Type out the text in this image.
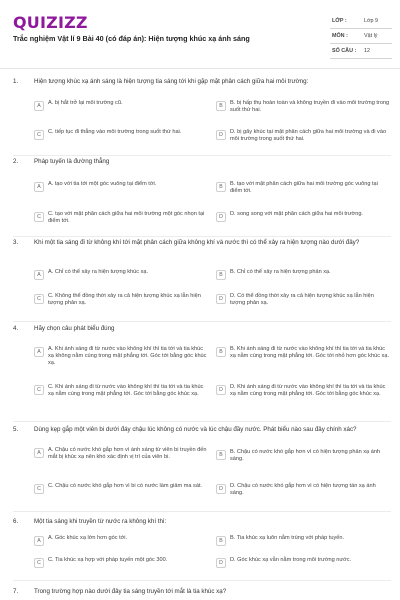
QUIZIZZ
Trắc nghiệm Vật lí 9 Bài 40 (có đáp án): Hiện tượng khúc xạ ánh sáng
LỚP :	Lớp 9
MÔN :	Vật lý
SỐ CÂU : 12
1.	Hiện tượng khúc xạ ánh sáng là hiện tượng tia sáng tới khi gặp mặt phân cách giữa hai môi trường:
A	A. bị hắt trở lại môi trường cũ.	B	B. bị hấp thụ hoàn toàn và không truyền đi vào môi trường trong suốt thứ hai.
C	C. tiếp tục đi thẳng vào môi trường trong suốt thứ hai.	D	D. bị gãy khúc tại mặt phân cách giữa hai môi trường và đi vào môi trường trong suốt thứ hai.
2.	Pháp tuyến là đường thẳng
A	A. tạo với tia tới một góc vuông tại điểm tới.	B	B. tạo với mặt phân cách giữa hai môi trường góc vuông tại điểm tới.
C	C. tạo với mặt phân cách giữa hai môi trường một góc nhọn tại điểm tới.
D	D. song song với mặt phân cách giữa hai môi trường.
3.	Khi một tia sáng đi từ không khí tới mặt phân cách giữa không khí và nước thì có thể xảy ra hiện tượng nào dưới đây?
A	A. Chỉ có thể xảy ra hiện tượng khúc xạ.	B	B. Chỉ có thể xảy ra hiện tượng phản xạ.
C	C. Không thể đồng thời xảy ra cả hiện tượng khúc xạ lẫn hiện tượng phản xạ.
D	D. Có thể đồng thời xảy ra cả hiện tượng khúc xạ lẫn hiện tượng phản xạ.
4.	Hãy chọn câu phát biểu đúng
A	A. Khi ánh sáng đi từ nước vào không khí thì tia tới và tia khúc xạ không nằm cùng trong mặt phẳng tới. Góc tới bằng góc khúc xạ.
B	B. Khi ánh sáng đi từ nước vào không khí thì tia tới và tia khúc xạ nằm cùng trong mặt phẳng tới. Góc tới nhỏ hơn góc khúc xạ.
C	C. Khi ánh sáng đi từ nước vào không khí thì tia tới và tia khúc xạ nằm cùng trong mặt phẳng tới. Góc tới bằng góc khúc xạ.
D	D. Khi ánh sáng đi từ nước vào không khí thì tia tới và tia khúc xạ nằm cùng trong mặt phẳng tới. Góc tới bằng góc khúc xạ.
5.	Dùng kẹp gắp một viên bi dưới đáy chậu lúc không có nước và lúc chậu đầy nước. Phát biểu nào sau đây chính xác?
A	A. Chậu có nước khó gắp hơn vì ánh sáng từ viên bi truyền đến mắt bị khúc xạ nên khó xác định vị trí của viên bi.	B	B. Chậu có nước khó gắp hơn vì có hiện tượng phản xạ ánh sáng.
C	C. Chậu có nước khó gắp hơn vì bi có nước làm giảm ma sát.	D	D. Chậu có nước khó gắp hơn vì có hiện tượng tán xạ ánh sáng.
6.	Một tia sáng khi truyền từ nước ra không khí thì:
A	A. Góc khúc xạ lớn hơn góc tới.	B	B. Tia khúc xạ luôn nằm trùng với pháp tuyến.
C	C. Tia khúc xạ hợp với pháp tuyến một góc 300.	D	D. Góc khúc xạ vẫn nằm trong môi trường nước.
7.	Trong trường hợp nào dưới đây tia sáng truyền tới mắt là tia khúc xạ?
